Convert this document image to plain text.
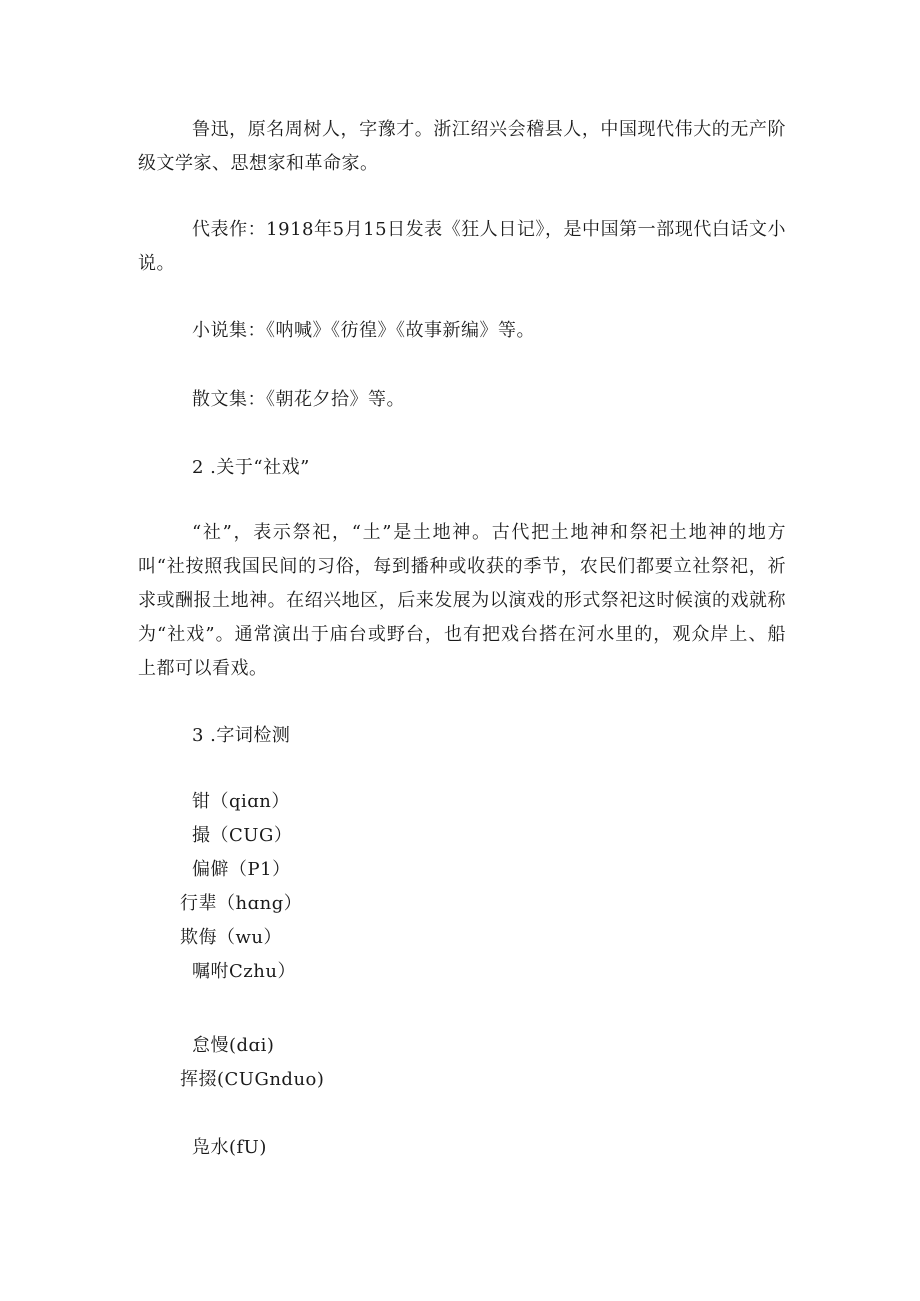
鲁迅，原名周树人，字豫才。浙江绍兴会稽县人，中国现代伟大的无产阶级文学家、思想家和革命家。

代表作：1918年5月15日发表《狂人日记》，是中国第一部现代白话文小说。

小说集：《呐喊》《彷徨》《故事新编》等。

散文集：《朝花夕拾》等。

2 .关于“社戏”

“社”，表示祭祀，“土”是土地神。古代把土地神和祭祀土地神的地方叫“社按照我国民间的习俗，每到播种或收获的季节，农民们都要立社祭祀，祈求或酬报土地神。在绍兴地区，后来发展为以演戏的形式祭祀这时候演的戏就称为“社戏”。通常演出于庙台或野台，也有把戏台搭在河水里的，观众岸上、船上都可以看戏。

3 .字词检测

钳（qiɑn）

撮（CUG）

偏僻（P1）

行辈（hɑng）

欺侮（wu）

嘱咐Czhu）

怠慢(dɑi)

挥掇(CUGnduo)

凫水(fU)
